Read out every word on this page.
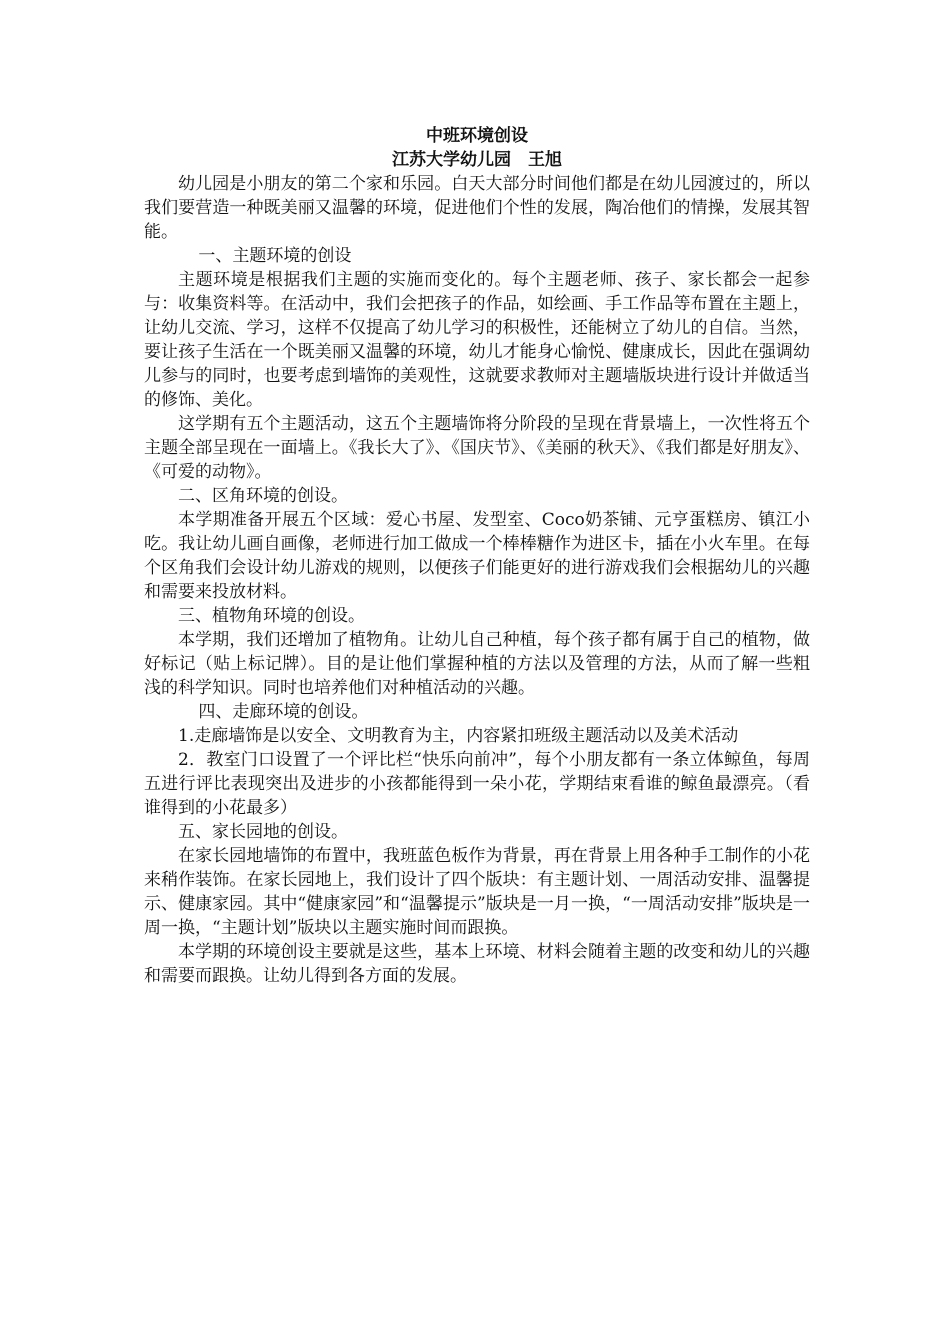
中班环境创设
江苏大学幼儿园　王旭

幼儿园是小朋友的第二个家和乐园。白天大部分时间他们都是在幼儿园渡过的，所以我们要营造一种既美丽又温馨的环境，促进他们个性的发展，陶冶他们的情操，发展其智能。

一、主题环境的创设

主题环境是根据我们主题的实施而变化的。每个主题老师、孩子、家长都会一起参与：收集资料等。在活动中，我们会把孩子的作品，如绘画、手工作品等布置在主题上，让幼儿交流、学习，这样不仅提高了幼儿学习的积极性，还能树立了幼儿的自信。当然，要让孩子生活在一个既美丽又温馨的环境，幼儿才能身心愉悦、健康成长，因此在强调幼儿参与的同时，也要考虑到墙饰的美观性，这就要求教师对主题墙版块进行设计并做适当的修饰、美化。

这学期有五个主题活动，这五个主题墙饰将分阶段的呈现在背景墙上，一次性将五个主题全部呈现在一面墙上。《我长大了》、《国庆节》、《美丽的秋天》、《我们都是好朋友》、《可爱的动物》。

二、区角环境的创设。

本学期准备开展五个区域：爱心书屋、发型室、Coco奶茶铺、元亨蛋糕房、镇江小吃。我让幼儿画自画像，老师进行加工做成一个棒棒糖作为进区卡，插在小火车里。在每个区角我们会设计幼儿游戏的规则，以便孩子们能更好的进行游戏我们会根据幼儿的兴趣和需要来投放材料。

三、植物角环境的创设。

本学期，我们还增加了植物角。让幼儿自己种植，每个孩子都有属于自己的植物，做好标记（贴上标记牌）。目的是让他们掌握种植的方法以及管理的方法，从而了解一些粗浅的科学知识。同时也培养他们对种植活动的兴趣。

四、走廊环境的创设。

1.走廊墙饰是以安全、文明教育为主，内容紧扣班级主题活动以及美术活动

2．教室门口设置了一个评比栏“快乐向前冲”，每个小朋友都有一条立体鲸鱼，每周五进行评比表现突出及进步的小孩都能得到一朵小花，学期结束看谁的鲸鱼最漂亮。（看谁得到的小花最多）

五、家长园地的创设。

在家长园地墙饰的布置中，我班蓝色板作为背景，再在背景上用各种手工制作的小花来稍作装饰。在家长园地上，我们设计了四个版块：有主题计划、一周活动安排、温馨提示、健康家园。其中“健康家园”和“温馨提示”版块是一月一换，“一周活动安排”版块是一周一换，“主题计划”版块以主题实施时间而跟换。

本学期的环境创设主要就是这些，基本上环境、材料会随着主题的改变和幼儿的兴趣和需要而跟换。让幼儿得到各方面的发展。
